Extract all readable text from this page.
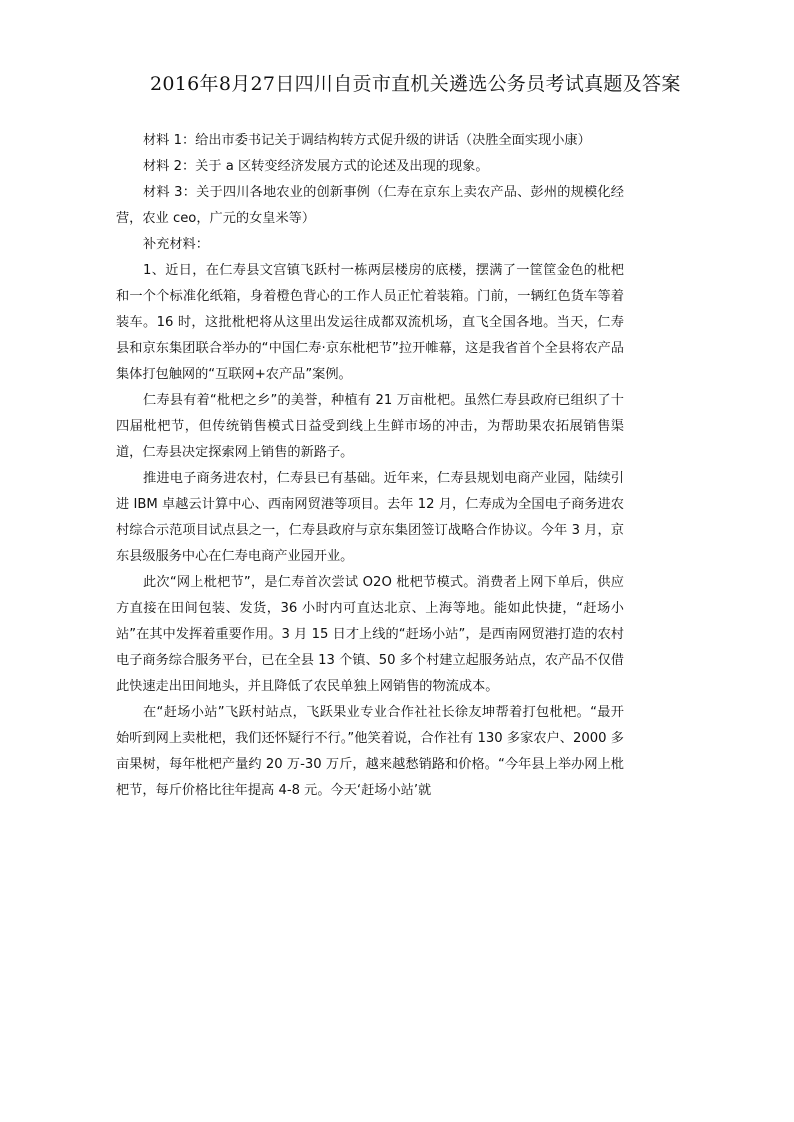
2016年8月27日四川自贡市直机关遴选公务员考试真题及答案

材料 1：给出市委书记关于调结构转方式促升级的讲话（决胜全面实现小康）

材料 2：关于 a 区转变经济发展方式的论述及出现的现象。

材料 3：关于四川各地农业的创新事例（仁寿在京东上卖农产品、彭州的规模化经营，农业 ceo，广元的女皇米等）

补充材料：

1、近日，在仁寿县文宫镇飞跃村一栋两层楼房的底楼，摆满了一筐筐金色的枇杷和一个个标准化纸箱，身着橙色背心的工作人员正忙着装箱。门前，一辆红色货车等着装车。16 时，这批枇杷将从这里出发运往成都双流机场，直飞全国各地。当天，仁寿县和京东集团联合举办的“中国仁寿·京东枇杷节”拉开帷幕，这是我省首个全县将农产品集体打包触网的“互联网+农产品”案例。

仁寿县有着“枇杷之乡”的美誉，种植有 21 万亩枇杷。虽然仁寿县政府已组织了十四届枇杷节，但传统销售模式日益受到线上生鲜市场的冲击，为帮助果农拓展销售渠道，仁寿县决定探索网上销售的新路子。

推进电子商务进农村，仁寿县已有基础。近年来，仁寿县规划电商产业园，陆续引进 IBM 卓越云计算中心、西南网贸港等项目。去年 12 月，仁寿成为全国电子商务进农村综合示范项目试点县之一，仁寿县政府与京东集团签订战略合作协议。今年 3 月，京东县级服务中心在仁寿电商产业园开业。

此次“网上枇杷节”，是仁寿首次尝试 O2O 枇杷节模式。消费者上网下单后，供应方直接在田间包装、发货，36 小时内可直达北京、上海等地。能如此快捷，“赶场小站”在其中发挥着重要作用。3 月 15 日才上线的“赶场小站”，是西南网贸港打造的农村电子商务综合服务平台，已在全县 13 个镇、50 多个村建立起服务站点，农产品不仅借此快速走出田间地头，并且降低了农民单独上网销售的物流成本。

在“赶场小站”飞跃村站点，飞跃果业专业合作社社长徐友坤帮着打包枇杷。“最开始听到网上卖枇杷，我们还怀疑行不行。”他笑着说，合作社有 130 多家农户、2000 多亩果树，每年枇杷产量约 20 万-30 万斤，越来越愁销路和价格。“今年县上举办网上枇杷节，每斤价格比往年提高 4-8 元。今天‘赶场小站’就
